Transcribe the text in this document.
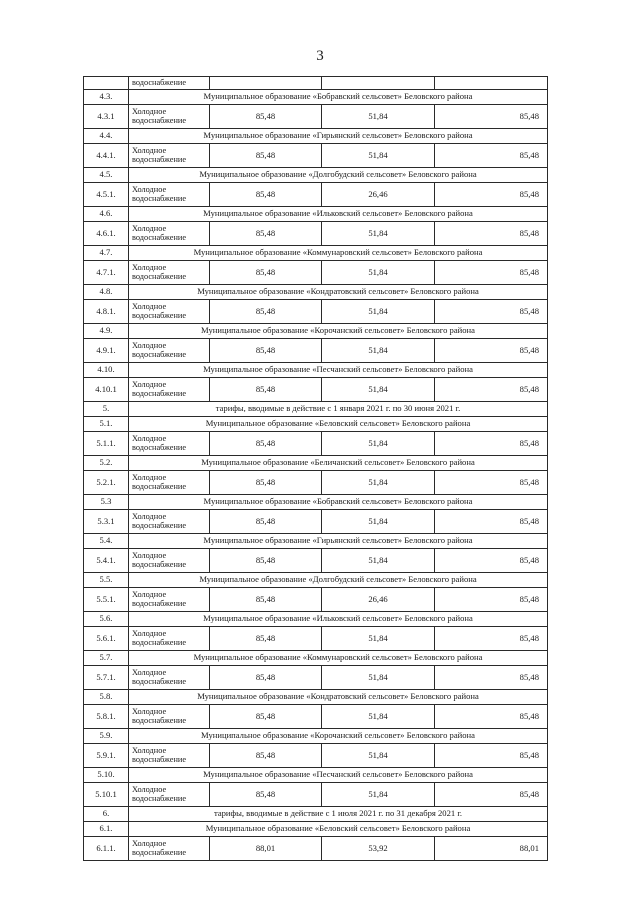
3
	водоснабжение			
4.3.	Муниципальное образование «Бобравский сельсовет» Беловского района			
4.3.1	Холодное водоснабжение	85,48	51,84	85,48
4.4.	Муниципальное образование «Гирьянский сельсовет» Беловского района			
4.4.1.	Холодное водоснабжение	85,48	51,84	85,48
4.5.	Муниципальное образование «Долгобудский сельсовет» Беловского района			
4.5.1.	Холодное водоснабжение	85,48	26,46	85,48
4.6.	Муниципальное образование «Ильковский сельсовет» Беловского района			
4.6.1.	Холодное водоснабжение	85,48	51,84	85,48
4.7.	Муниципальное образование «Коммунаровский сельсовет» Беловского района			
4.7.1.	Холодное водоснабжение	85,48	51,84	85,48
4.8.	Муниципальное образование «Кондратовский сельсовет» Беловского района			
4.8.1.	Холодное водоснабжение	85,48	51,84	85,48
4.9.	Муниципальное образование «Корочанский сельсовет» Беловского района			
4.9.1.	Холодное водоснабжение	85,48	51,84	85,48
4.10.	Муниципальное образование «Песчанский сельсовет» Беловского района			
4.10.1	Холодное водоснабжение	85,48	51,84	85,48
5.	тарифы, вводимые в действие с 1 января 2021 г. по 30 июня 2021 г.			
5.1.	Муниципальное образование «Беловский сельсовет» Беловского района			
5.1.1.	Холодное водоснабжение	85,48	51,84	85,48
5.2.	Муниципальное образование «Беличанский сельсовет» Беловского района			
5.2.1.	Холодное водоснабжение	85,48	51,84	85,48
5.3	Муниципальное образование «Бобравский сельсовет» Беловского района			
5.3.1	Холодное водоснабжение	85,48	51,84	85,48
5.4.	Муниципальное образование «Гирьянский сельсовет» Беловского района			
5.4.1.	Холодное водоснабжение	85,48	51,84	85,48
5.5.	Муниципальное образование «Долгобудский сельсовет» Беловского района			
5.5.1.	Холодное водоснабжение	85,48	26,46	85,48
5.6.	Муниципальное образование «Ильковский сельсовет» Беловского района			
5.6.1.	Холодное водоснабжение	85,48	51,84	85,48
5.7.	Муниципальное образование «Коммунаровский сельсовет» Беловского района			
5.7.1.	Холодное водоснабжение	85,48	51,84	85,48
5.8.	Муниципальное образование «Кондратовский сельсовет» Беловского района			
5.8.1.	Холодное водоснабжение	85,48	51,84	85,48
5.9.	Муниципальное образование «Корочанский сельсовет» Беловского района			
5.9.1.	Холодное водоснабжение	85,48	51,84	85,48
5.10.	Муниципальное образование «Песчанский сельсовет» Беловского района			
5.10.1	Холодное водоснабжение	85,48	51,84	85,48
6.	тарифы, вводимые в действие с 1 июля 2021 г. по 31 декабря 2021 г.			
6.1.	Муниципальное образование «Беловский сельсовет» Беловского района			
6.1.1.	Холодное водоснабжение	88,01	53,92	88,01
